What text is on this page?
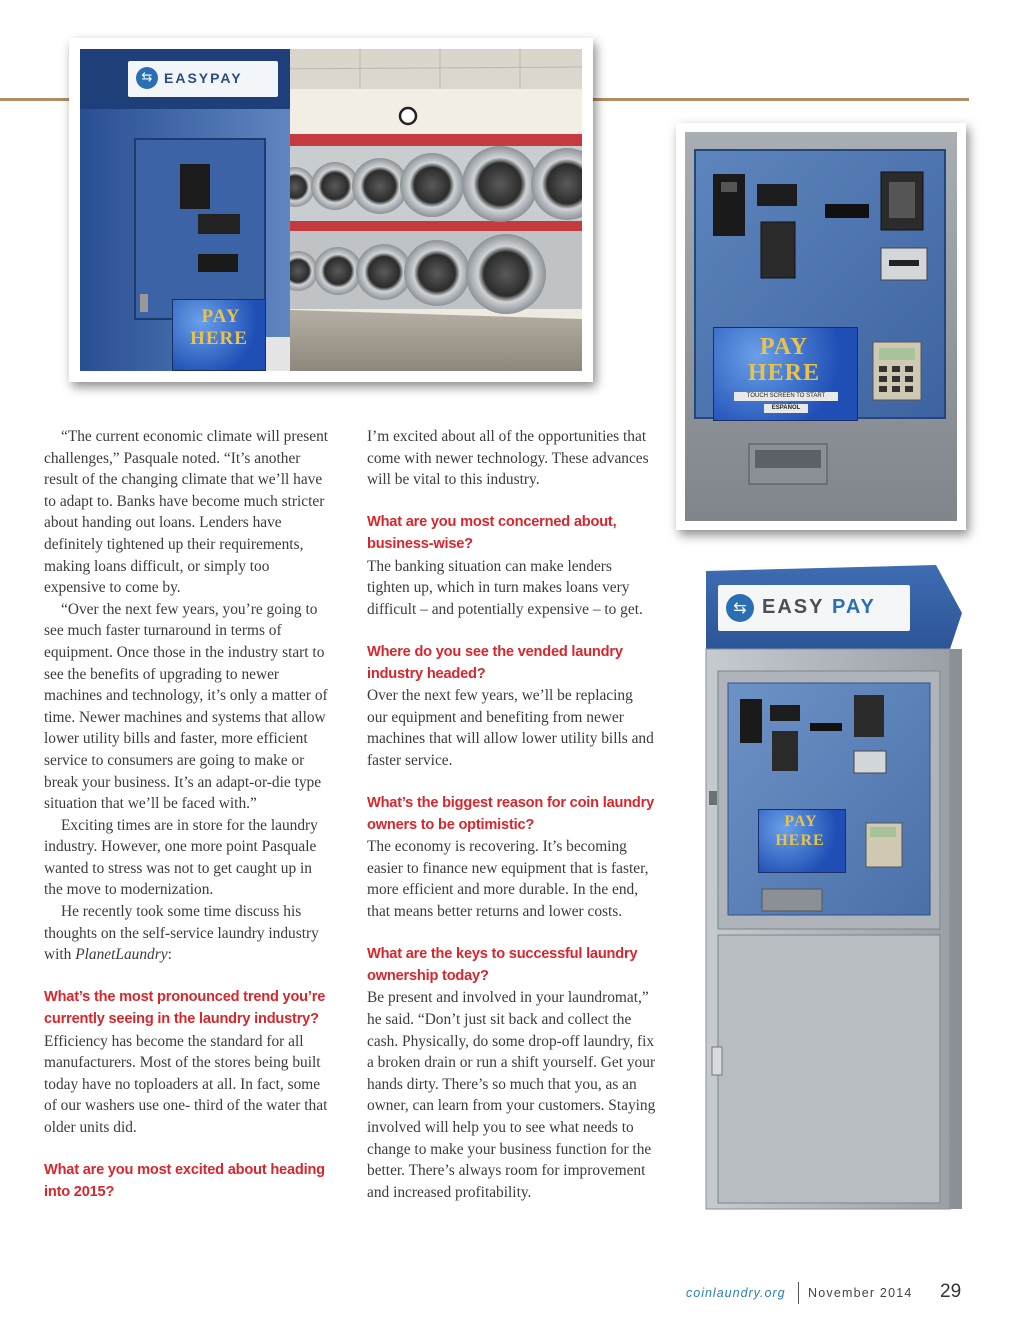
⇆ EASYPAY
PAY
HERE	PAY
HERE
TOUCH SCREEN TO START
ESPAÑOL
⇆ EASY PAY
PAY
HERE

“The current economic climate will present challenges,” Pasquale noted. “It’s another result of the changing climate that we’ll have to adapt to. Banks have become much stricter about handing out loans. Lenders have definitely tightened up their requirements, making loans difficult, or simply too expensive to come by.

“Over the next few years, you’re going to see much faster turnaround in terms of equipment. Once those in the industry start to see the benefits of upgrading to newer machines and technology, it’s only a matter of time. Newer machines and systems that allow lower utility bills and faster, more efficient service to consumers are going to make or break your business. It’s an adapt-or-die type situation that we’ll be faced with.”

Exciting times are in store for the laundry industry. However, one more point Pasquale wanted to stress was not to get caught up in the move to modernization.

He recently took some time discuss his thoughts on the self-service laundry industry with PlanetLaundry:

What’s the most pronounced trend you’re currently seeing in the laundry industry?

Efficiency has become the standard for all manufacturers. Most of the stores being built today have no toploaders at all. In fact, some of our washers use one- third of the water that older units did.

What are you most excited about heading into 2015?

I’m excited about all of the opportunities that come with newer technology. These advances will be vital to this industry.

What are you most concerned about, business-wise?

The banking situation can make lenders tighten up, which in turn makes loans very difficult – and potentially expensive – to get.

Where do you see the vended laundry industry headed?

Over the next few years, we’ll be replacing our equipment and benefiting from newer machines that will allow lower utility bills and faster service.

What’s the biggest reason for coin laundry owners to be optimistic?

The economy is recovering. It’s becoming easier to finance new equipment that is faster, more efficient and more durable. In the end, that means better returns and lower costs.

What are the keys to successful laundry ownership today?

Be present and involved in your laundromat,” he said. “Don’t just sit back and collect the cash. Physically, do some drop-off laundry, fix a broken drain or run a shift yourself. Get your hands dirty. There’s so much that you, as an owner, can learn from your customers. Staying involved will help you to see what needs to change to make your business function for the better. There’s always room for improvement and increased profitability.

coinlaundry.org November 2014 29
